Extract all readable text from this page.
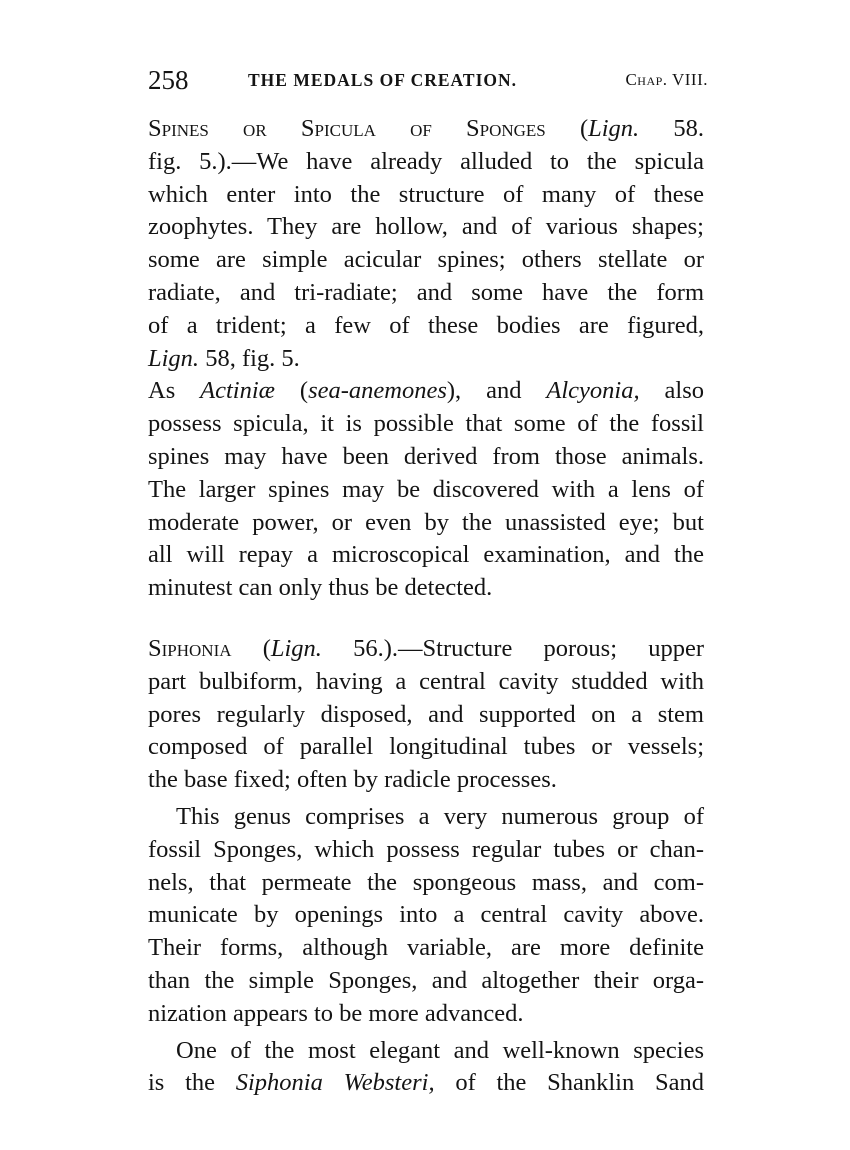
258	THE MEDALS OF CREATION.	Chap. VIII.
Spines or Spicula of Sponges (Lign. 58.
fig. 5.).—We have already alluded to the spicula
which enter into the structure of many of these
zoophytes. They are hollow, and of various shapes;
some are simple acicular spines; others stellate or
radiate, and tri-radiate; and some have the form
of a trident; a few of these bodies are figured,
Lign. 58, fig. 5.
As Actiniæ (sea-anemones), and Alcyonia, also
possess spicula, it is possible that some of the fossil
spines may have been derived from those animals.
The larger spines may be discovered with a lens of
moderate power, or even by the unassisted eye; but
all will repay a microscopical examination, and the
minutest can only thus be detected.
Siphonia (Lign. 56.).—Structure porous; upper
part bulbiform, having a central cavity studded with
pores regularly disposed, and supported on a stem
composed of parallel longitudinal tubes or vessels;
the base fixed; often by radicle processes.
This genus comprises a very numerous group of
fossil Sponges, which possess regular tubes or chan-
nels, that permeate the spongeous mass, and com-
municate by openings into a central cavity above.
Their forms, although variable, are more definite
than the simple Sponges, and altogether their orga-
nization appears to be more advanced.
One of the most elegant and well-known species
is the Siphonia Websteri, of the Shanklin Sand
